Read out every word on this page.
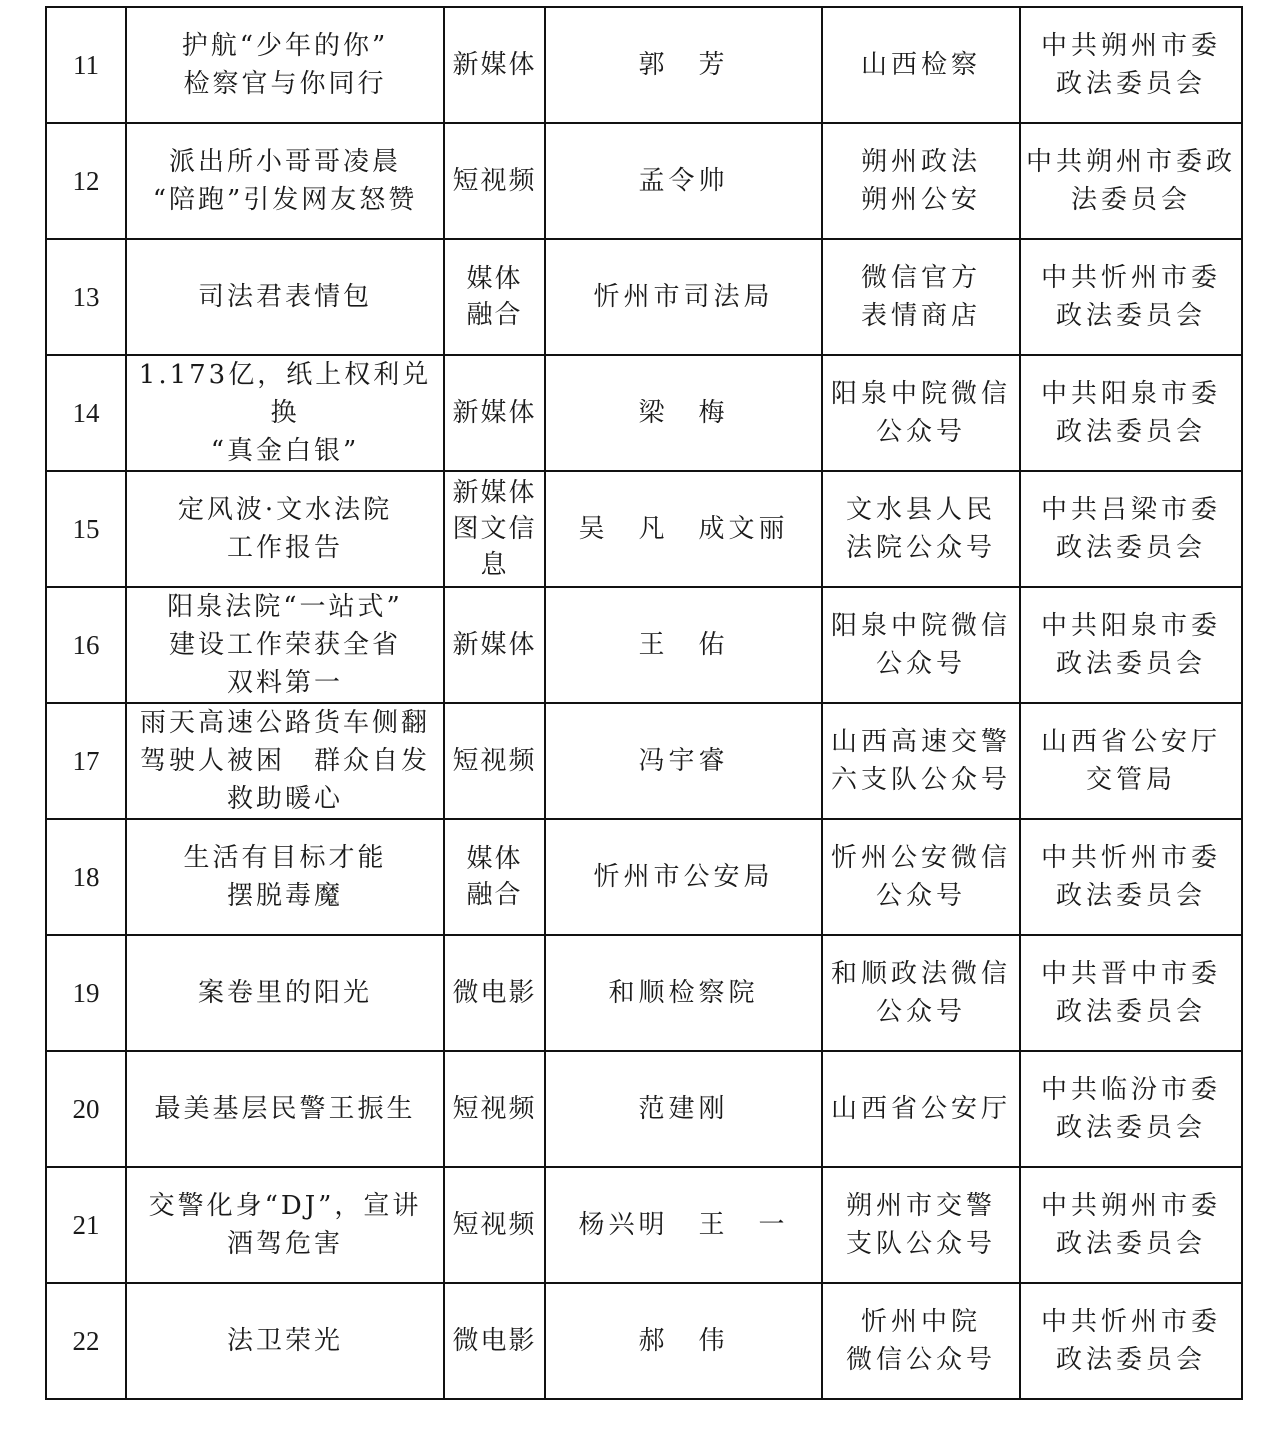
11	护航“少年的你”
检察官与你同行	新媒体	郭　芳	山西检察	中共朔州市委
政法委员会
12	派出所小哥哥凌晨
“陪跑”引发网友怒赞	短视频	孟令帅	朔州政法
朔州公安	中共朔州市委政
法委员会
13	司法君表情包	媒体
融合	忻州市司法局	微信官方
表情商店	中共忻州市委
政法委员会
14	1.173亿，纸上权利兑换
“真金白银”	新媒体	梁　梅	阳泉中院微信
公众号	中共阳泉市委
政法委员会
15	定风波·文水法院
工作报告	新媒体
图文信
息	吴　凡　成文丽	文水县人民
法院公众号	中共吕梁市委
政法委员会
16	阳泉法院“一站式”
建设工作荣获全省
双料第一	新媒体	王　佑	阳泉中院微信
公众号	中共阳泉市委
政法委员会
17	雨天高速公路货车侧翻
驾驶人被困　群众自发
救助暖心	短视频	冯宇睿	山西高速交警
六支队公众号	山西省公安厅
交管局
18	生活有目标才能
摆脱毒魔	媒体
融合	忻州市公安局	忻州公安微信
公众号	中共忻州市委
政法委员会
19	案卷里的阳光	微电影	和顺检察院	和顺政法微信
公众号	中共晋中市委
政法委员会
20	最美基层民警王振生	短视频	范建刚	山西省公安厅	中共临汾市委
政法委员会
21	交警化身“DJ”，宣讲
酒驾危害	短视频	杨兴明　王　一	朔州市交警
支队公众号	中共朔州市委
政法委员会
22	法卫荣光	微电影	郝　伟	忻州中院
微信公众号	中共忻州市委
政法委员会
